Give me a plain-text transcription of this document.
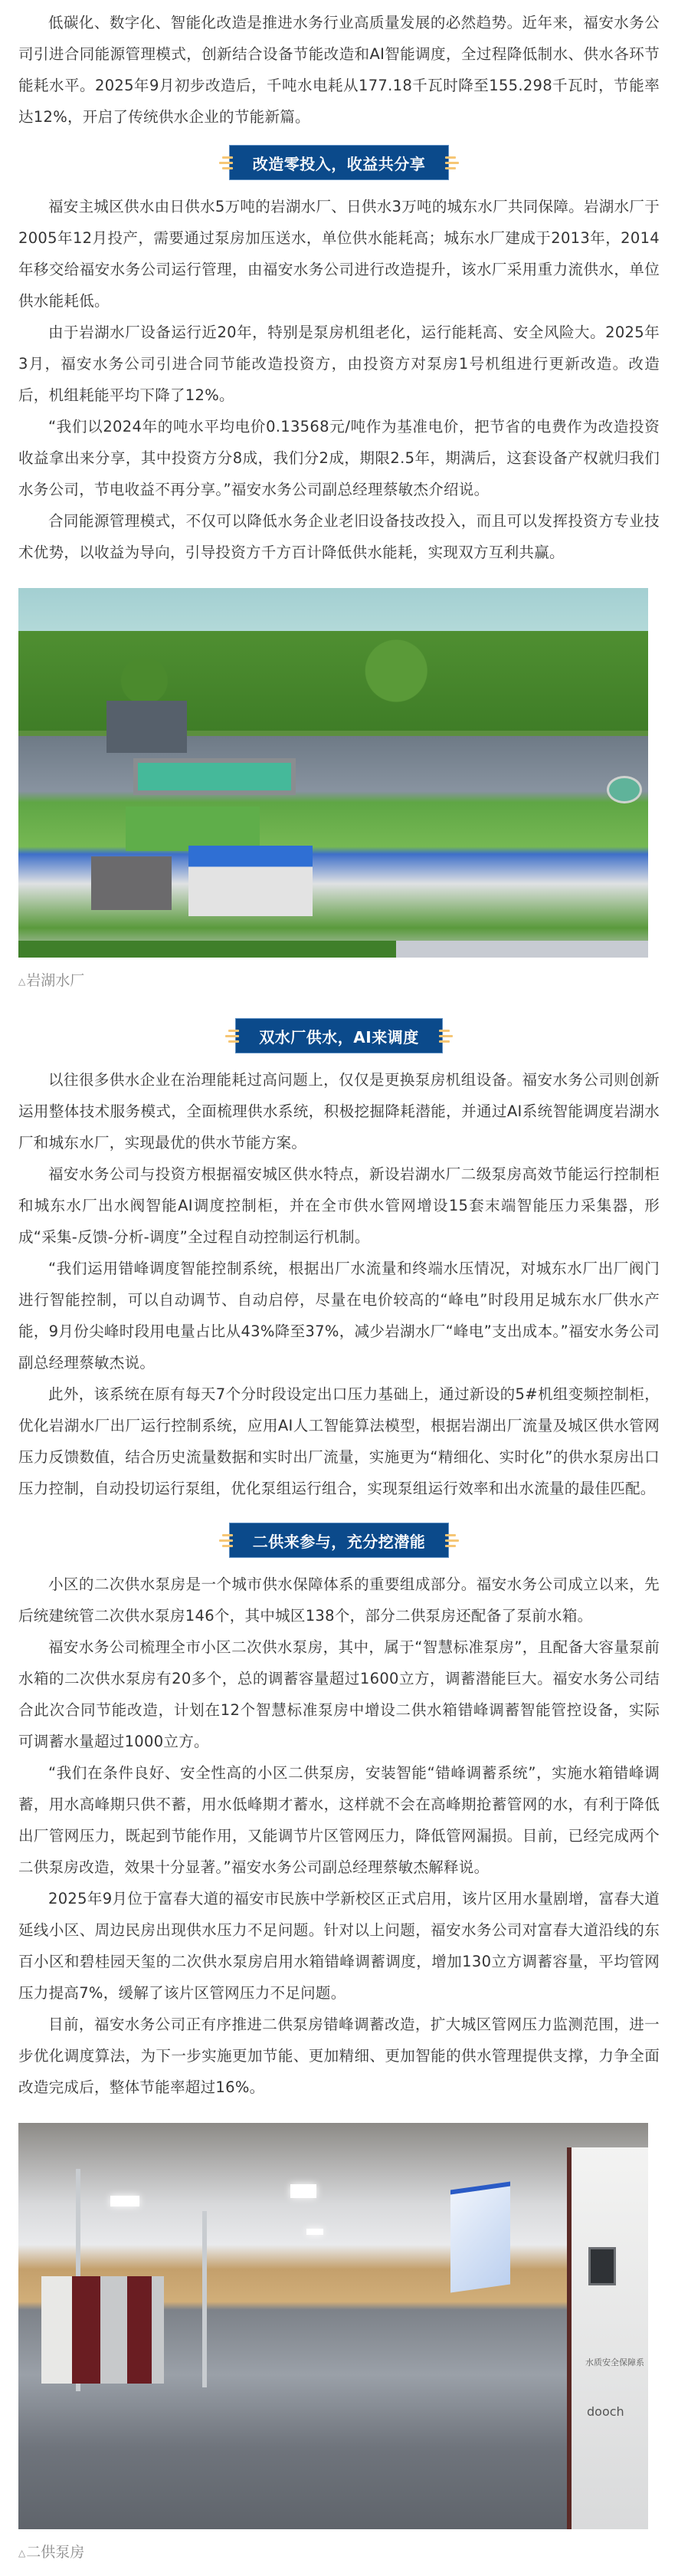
低碳化、数字化、智能化改造是推进水务行业高质量发展的必然趋势。近年来，福安水务公司引进合同能源管理模式，创新结合设备节能改造和AI智能调度，全过程降低制水、供水各环节能耗水平。2025年9月初步改造后，千吨水电耗从177.18千瓦时降至155.298千瓦时，节能率达12%，开启了传统供水企业的节能新篇。

改造零投入，收益共分享

福安主城区供水由日供水5万吨的岩湖水厂、日供水3万吨的城东水厂共同保障。岩湖水厂于2005年12月投产，需要通过泵房加压送水，单位供水能耗高；城东水厂建成于2013年，2014年移交给福安水务公司运行管理，由福安水务公司进行改造提升，该水厂采用重力流供水，单位供水能耗低。

由于岩湖水厂设备运行近20年，特别是泵房机组老化，运行能耗高、安全风险大。2025年3月，福安水务公司引进合同节能改造投资方，由投资方对泵房1号机组进行更新改造。改造后，机组耗能平均下降了12%。

“我们以2024年的吨水平均电价0.13568元/吨作为基准电价，把节省的电费作为改造投资收益拿出来分享，其中投资方分8成，我们分2成，期限2.5年，期满后，这套设备产权就归我们水务公司，节电收益不再分享。”福安水务公司副总经理蔡敏杰介绍说。

合同能源管理模式，不仅可以降低水务企业老旧设备技改投入，而且可以发挥投资方专业技术优势，以收益为导向，引导投资方千方百计降低供水能耗，实现双方互利共赢。

△岩湖水厂

双水厂供水，AI来调度

以往很多供水企业在治理能耗过高问题上，仅仅是更换泵房机组设备。福安水务公司则创新运用整体技术服务模式，全面梳理供水系统，积极挖掘降耗潜能，并通过AI系统智能调度岩湖水厂和城东水厂，实现最优的供水节能方案。

福安水务公司与投资方根据福安城区供水特点，新设岩湖水厂二级泵房高效节能运行控制柜和城东水厂出水阀智能AI调度控制柜，并在全市供水管网增设15套末端智能压力采集器，形成“采集-反馈-分析-调度”全过程自动控制运行机制。

“我们运用错峰调度智能控制系统，根据出厂水流量和终端水压情况，对城东水厂出厂阀门进行智能控制，可以自动调节、自动启停，尽量在电价较高的“峰电”时段用足城东水厂供水产能，9月份尖峰时段用电量占比从43%降至37%，减少岩湖水厂“峰电”支出成本。”福安水务公司副总经理蔡敏杰说。

此外，该系统在原有每天7个分时段设定出口压力基础上，通过新设的5#机组变频控制柜，优化岩湖水厂出厂运行控制系统，应用AI人工智能算法模型，根据岩湖出厂流量及城区供水管网压力反馈数值，结合历史流量数据和实时出厂流量，实施更为“精细化、实时化”的供水泵房出口压力控制，自动投切运行泵组，优化泵组运行组合，实现泵组运行效率和出水流量的最佳匹配。

二供来参与，充分挖潜能

小区的二次供水泵房是一个城市供水保障体系的重要组成部分。福安水务公司成立以来，先后统建统管二次供水泵房146个，其中城区138个，部分二供泵房还配备了泵前水箱。

福安水务公司梳理全市小区二次供水泵房，其中，属于“智慧标准泵房”，且配备大容量泵前水箱的二次供水泵房有20多个，总的调蓄容量超过1600立方，调蓄潜能巨大。福安水务公司结合此次合同节能改造，计划在12个智慧标准泵房中增设二供水箱错峰调蓄智能管控设备，实际可调蓄水量超过1000立方。

“我们在条件良好、安全性高的小区二供泵房，安装智能“错峰调蓄系统”，实施水箱错峰调蓄，用水高峰期只供不蓄，用水低峰期才蓄水，这样就不会在高峰期抢蓄管网的水，有利于降低出厂管网压力，既起到节能作用，又能调节片区管网压力，降低管网漏损。目前，已经完成两个二供泵房改造，效果十分显著。”福安水务公司副总经理蔡敏杰解释说。

2025年9月位于富春大道的福安市民族中学新校区正式启用，该片区用水量剧增，富春大道延线小区、周边民房出现供水压力不足问题。针对以上问题，福安水务公司对富春大道沿线的东百小区和碧桂园天玺的二次供水泵房启用水箱错峰调蓄调度，增加130立方调蓄容量，平均管网压力提高7%，缓解了该片区管网压力不足问题。

目前，福安水务公司正有序推进二供泵房错峰调蓄改造，扩大城区管网压力监测范围，进一步优化调度算法，为下一步实施更加节能、更加精细、更加智能的供水管理提供支撑，力争全面改造完成后，整体节能率超过16%。

水质安全保障系
dooch

△二供泵房
